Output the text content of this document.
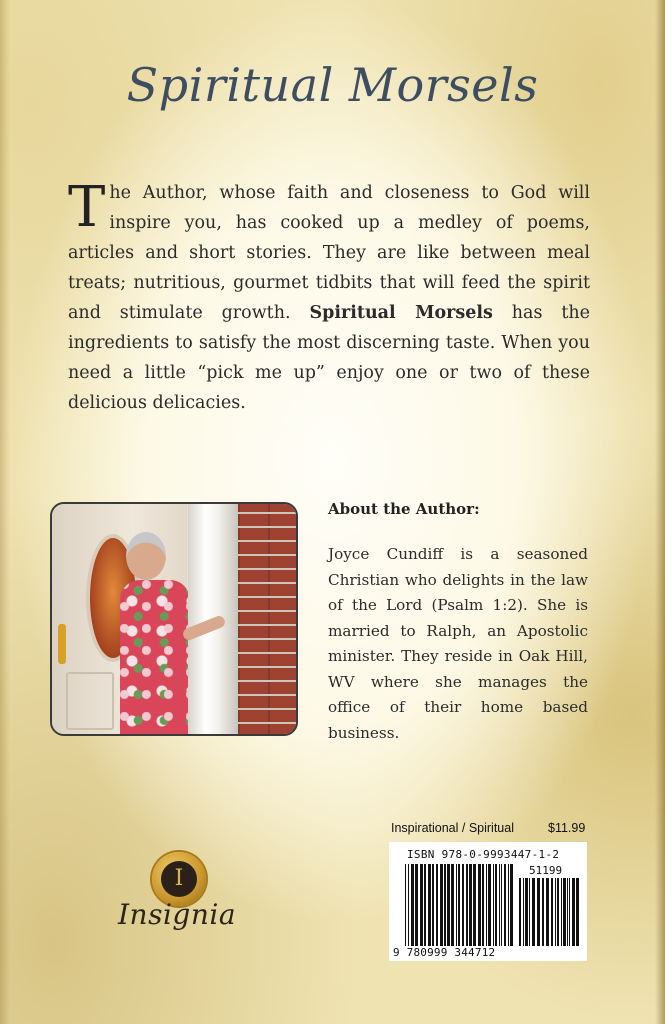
Spiritual Morsels
The Author, whose faith and closeness to God will inspire you, has cooked up a medley of poems, articles and short stories. They are like between meal treats; nutritious, gourmet tidbits that will feed the spirit and stimulate growth. Spiritual Morsels has the ingredients to satisfy the most discerning taste. When you need a little “pick me up” enjoy one or two of these delicious delicacies.
About the Author:
Joyce Cundiff is a seasoned Christian who delights in the law of the Lord (Psalm 1:2). She is married to Ralph, an Apostolic minister. They reside in Oak Hill, WV where she manages the office of their home based business.
Inspirational / Spiritual	$11.99
ISBN 978-0-9993447-1-2
51199
9 780999 344712
I
Insignia
